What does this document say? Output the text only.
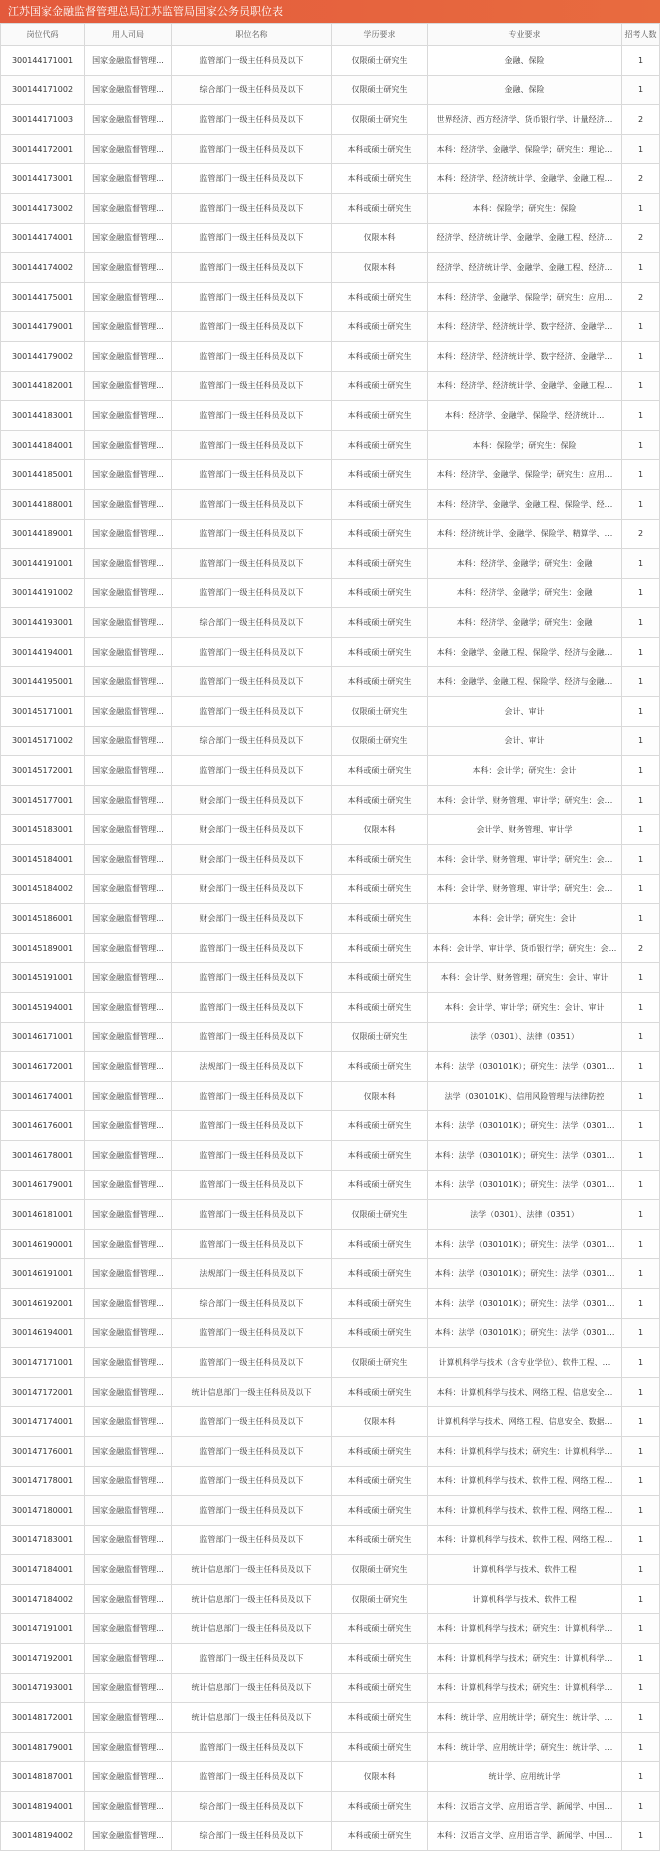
江苏国家金融监督管理总局江苏监管局国家公务员职位表
岗位代码	用人司局	职位名称	学历要求	专业要求	招考人数
300144171001	国家金融监督管理...	监管部门一级主任科员及以下	仅限硕士研究生	金融、保险	1
300144171002	国家金融监督管理...	综合部门一级主任科员及以下	仅限硕士研究生	金融、保险	1
300144171003	国家金融监督管理...	监管部门一级主任科员及以下	仅限硕士研究生	世界经济、西方经济学、货币银行学、计量经济...	2
300144172001	国家金融监督管理...	监管部门一级主任科员及以下	本科或硕士研究生	本科：经济学、金融学、保险学；研究生：理论...	1
300144173001	国家金融监督管理...	监管部门一级主任科员及以下	本科或硕士研究生	本科：经济学、经济统计学、金融学、金融工程...	2
300144173002	国家金融监督管理...	监管部门一级主任科员及以下	本科或硕士研究生	本科：保险学；研究生：保险	1
300144174001	国家金融监督管理...	监管部门一级主任科员及以下	仅限本科	经济学、经济统计学、金融学、金融工程、经济...	2
300144174002	国家金融监督管理...	监管部门一级主任科员及以下	仅限本科	经济学、经济统计学、金融学、金融工程、经济...	1
300144175001	国家金融监督管理...	监管部门一级主任科员及以下	本科或硕士研究生	本科：经济学、金融学、保险学；研究生：应用...	2
300144179001	国家金融监督管理...	监管部门一级主任科员及以下	本科或硕士研究生	本科：经济学、经济统计学、数字经济、金融学...	1
300144179002	国家金融监督管理...	监管部门一级主任科员及以下	本科或硕士研究生	本科：经济学、经济统计学、数字经济、金融学...	1
300144182001	国家金融监督管理...	监管部门一级主任科员及以下	本科或硕士研究生	本科：经济学、经济统计学、金融学、金融工程...	1
300144183001	国家金融监督管理...	监管部门一级主任科员及以下	本科或硕士研究生	本科：经济学、金融学、保险学、经济统计...	1
300144184001	国家金融监督管理...	监管部门一级主任科员及以下	本科或硕士研究生	本科：保险学；研究生：保险	1
300144185001	国家金融监督管理...	监管部门一级主任科员及以下	本科或硕士研究生	本科：经济学、金融学、保险学；研究生：应用...	1
300144188001	国家金融监督管理...	监管部门一级主任科员及以下	本科或硕士研究生	本科：经济学、金融学、金融工程、保险学、经...	1
300144189001	国家金融监督管理...	监管部门一级主任科员及以下	本科或硕士研究生	本科：经济统计学、金融学、保险学、精算学、...	2
300144191001	国家金融监督管理...	监管部门一级主任科员及以下	本科或硕士研究生	本科：经济学、金融学；研究生：金融	1
300144191002	国家金融监督管理...	监管部门一级主任科员及以下	本科或硕士研究生	本科：经济学、金融学；研究生：金融	1
300144193001	国家金融监督管理...	综合部门一级主任科员及以下	本科或硕士研究生	本科：经济学、金融学；研究生：金融	1
300144194001	国家金融监督管理...	监管部门一级主任科员及以下	本科或硕士研究生	本科：金融学、金融工程、保险学、经济与金融...	1
300144195001	国家金融监督管理...	监管部门一级主任科员及以下	本科或硕士研究生	本科：金融学、金融工程、保险学、经济与金融...	1
300145171001	国家金融监督管理...	监管部门一级主任科员及以下	仅限硕士研究生	会计、审计	1
300145171002	国家金融监督管理...	综合部门一级主任科员及以下	仅限硕士研究生	会计、审计	1
300145172001	国家金融监督管理...	监管部门一级主任科员及以下	本科或硕士研究生	本科：会计学；研究生：会计	1
300145177001	国家金融监督管理...	财会部门一级主任科员及以下	本科或硕士研究生	本科：会计学、财务管理、审计学；研究生：会...	1
300145183001	国家金融监督管理...	财会部门一级主任科员及以下	仅限本科	会计学、财务管理、审计学	1
300145184001	国家金融监督管理...	财会部门一级主任科员及以下	本科或硕士研究生	本科：会计学、财务管理、审计学；研究生：会...	1
300145184002	国家金融监督管理...	财会部门一级主任科员及以下	本科或硕士研究生	本科：会计学、财务管理、审计学；研究生：会...	1
300145186001	国家金融监督管理...	财会部门一级主任科员及以下	本科或硕士研究生	本科：会计学；研究生：会计	1
300145189001	国家金融监督管理...	监管部门一级主任科员及以下	本科或硕士研究生	本科：会计学、审计学、货币银行学；研究生：会...	2
300145191001	国家金融监督管理...	监管部门一级主任科员及以下	本科或硕士研究生	本科：会计学、财务管理；研究生：会计、审计	1
300145194001	国家金融监督管理...	监管部门一级主任科员及以下	本科或硕士研究生	本科：会计学、审计学；研究生：会计、审计	1
300146171001	国家金融监督管理...	监管部门一级主任科员及以下	仅限硕士研究生	法学（0301）、法律（0351）	1
300146172001	国家金融监督管理...	法规部门一级主任科员及以下	本科或硕士研究生	本科：法学（030101K）；研究生：法学（0301...	1
300146174001	国家金融监督管理...	监管部门一级主任科员及以下	仅限本科	法学（030101K）、信用风险管理与法律防控	1
300146176001	国家金融监督管理...	监管部门一级主任科员及以下	本科或硕士研究生	本科：法学（030101K）；研究生：法学（0301...	1
300146178001	国家金融监督管理...	监管部门一级主任科员及以下	本科或硕士研究生	本科：法学（030101K）；研究生：法学（0301...	1
300146179001	国家金融监督管理...	监管部门一级主任科员及以下	本科或硕士研究生	本科：法学（030101K）；研究生：法学（0301...	1
300146181001	国家金融监督管理...	监管部门一级主任科员及以下	仅限硕士研究生	法学（0301）、法律（0351）	1
300146190001	国家金融监督管理...	监管部门一级主任科员及以下	本科或硕士研究生	本科：法学（030101K）；研究生：法学（0301...	1
300146191001	国家金融监督管理...	法规部门一级主任科员及以下	本科或硕士研究生	本科：法学（030101K）；研究生：法学（0301...	1
300146192001	国家金融监督管理...	综合部门一级主任科员及以下	本科或硕士研究生	本科：法学（030101K）；研究生：法学（0301...	1
300146194001	国家金融监督管理...	监管部门一级主任科员及以下	本科或硕士研究生	本科：法学（030101K）；研究生：法学（0301...	1
300147171001	国家金融监督管理...	监管部门一级主任科员及以下	仅限硕士研究生	计算机科学与技术（含专业学位）、软件工程、...	1
300147172001	国家金融监督管理...	统计信息部门一级主任科员及以下	本科或硕士研究生	本科：计算机科学与技术、网络工程、信息安全...	1
300147174001	国家金融监督管理...	监管部门一级主任科员及以下	仅限本科	计算机科学与技术、网络工程、信息安全、数据...	1
300147176001	国家金融监督管理...	监管部门一级主任科员及以下	本科或硕士研究生	本科：计算机科学与技术；研究生：计算机科学...	1
300147178001	国家金融监督管理...	监管部门一级主任科员及以下	本科或硕士研究生	本科：计算机科学与技术、软件工程、网络工程...	1
300147180001	国家金融监督管理...	监管部门一级主任科员及以下	本科或硕士研究生	本科：计算机科学与技术、软件工程、网络工程...	1
300147183001	国家金融监督管理...	监管部门一级主任科员及以下	本科或硕士研究生	本科：计算机科学与技术、软件工程、网络工程...	1
300147184001	国家金融监督管理...	统计信息部门一级主任科员及以下	仅限硕士研究生	计算机科学与技术、软件工程	1
300147184002	国家金融监督管理...	统计信息部门一级主任科员及以下	仅限硕士研究生	计算机科学与技术、软件工程	1
300147191001	国家金融监督管理...	统计信息部门一级主任科员及以下	本科或硕士研究生	本科：计算机科学与技术；研究生：计算机科学...	1
300147192001	国家金融监督管理...	监管部门一级主任科员及以下	本科或硕士研究生	本科：计算机科学与技术；研究生：计算机科学...	1
300147193001	国家金融监督管理...	统计信息部门一级主任科员及以下	本科或硕士研究生	本科：计算机科学与技术；研究生：计算机科学...	1
300148172001	国家金融监督管理...	统计信息部门一级主任科员及以下	本科或硕士研究生	本科：统计学、应用统计学；研究生：统计学、...	1
300148179001	国家金融监督管理...	监管部门一级主任科员及以下	本科或硕士研究生	本科：统计学、应用统计学；研究生：统计学、...	1
300148187001	国家金融监督管理...	监管部门一级主任科员及以下	仅限本科	统计学、应用统计学	1
300148194001	国家金融监督管理...	综合部门一级主任科员及以下	本科或硕士研究生	本科：汉语言文学、应用语言学、新闻学、中国...	1
300148194002	国家金融监督管理...	综合部门一级主任科员及以下	本科或硕士研究生	本科：汉语言文学、应用语言学、新闻学、中国...	1
